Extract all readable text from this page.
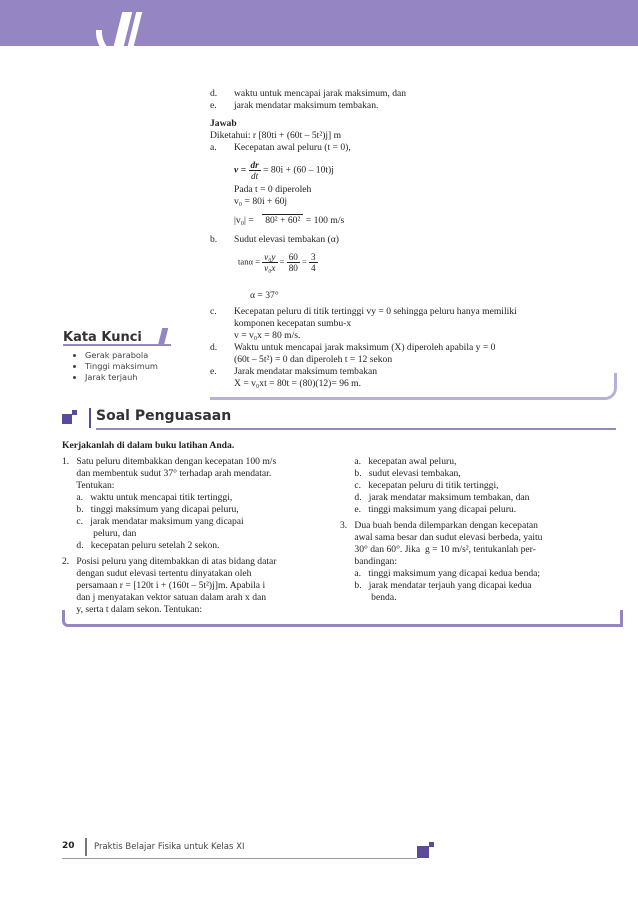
d. waktu untuk mencapai jarak maksimum, dan
e. jarak mendatar maksimum tembakan.
Jawab
Diketahui: r [80ti + (60t – 5t²)j] m
a. Kecepatan awal peluru (t = 0),
$v = \frac{dr}{dt} = 80i + (60 - 10t)j$
Pada t = 0 diperoleh
v₀ = 80i + 60j
|v₀| = 80² + 60² = 100 m/s
b. Sudut elevasi tembakan (α)
$\tan\alpha = \frac{\text{v₀y}}{\text{v₀x}} = \frac{60}{80} = \frac{3}{4}$
α = 37°
c. Kecepatan peluru di titik tertinggi vy = 0 sehingga peluru hanya memiliki
komponen kecepatan sumbu-x
v = v₀x = 80 m/s.
d. Waktu untuk mencapai jarak maksimum (X) diperoleh apabila y = 0
(60t – 5t²) = 0 dan diperoleh t = 12 sekon
e. Jarak mendatar maksimum tembakan
X = v₀xt = 80t = (80)(12)= 96 m.
Kata Kunci
• Gerak parabola
• Tinggi maksimum
• Jarak terjauh
Soal Penguasaan
Kerjakanlah di dalam buku latihan Anda.
1.   Satu peluru ditembakkan dengan kecepatan 100 m/s
dan membentuk sudut 37° terhadap arah mendatar.
Tentukan:
a.   waktu untuk mencapai titik tertinggi,
b.   tinggi maksimum yang dicapai peluru,
c.   jarak mendatar maksimum yang dicapai
peluru, dan
d.   kecepatan peluru setelah 2 sekon.
2.   Posisi peluru yang ditembakkan di atas bidang datar
dengan sudut elevasi tertentu dinyatakan oleh
persamaan r = [120t i + (160t – 5t²)j]m. Apabila i
dan j menyatakan vektor satuan dalam arah x dan
y, serta t dalam sekon. Tentukan:
a.   kecepatan awal peluru,
b.   sudut elevasi tembakan,
c.   kecepatan peluru di titik tertinggi,
d.   jarak mendatar maksimum tembakan, dan
e.   tinggi maksimum yang dicapai peluru.
3.   Dua buah benda dilemparkan dengan kecepatan
awal sama besar dan sudut elevasi berbeda, yaitu
30° dan 60°. Jika  g = 10 m/s², tentukanlah per-
bandingan:
a.   tinggi maksimum yang dicapai kedua benda;
b.   jarak mendatar terjauh yang dicapai kedua
benda.
20 Praktis Belajar Fisika untuk Kelas XI
